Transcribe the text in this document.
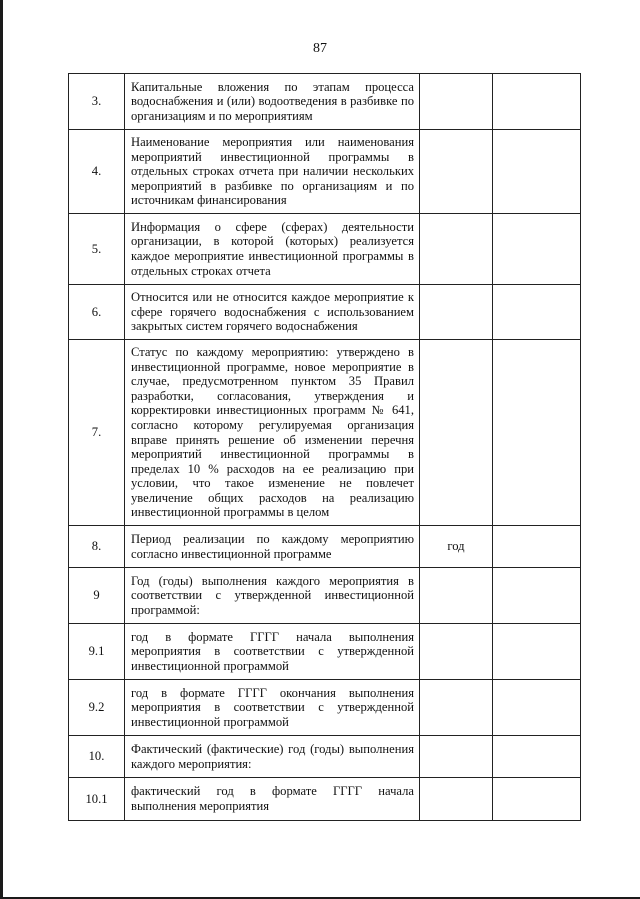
87
3.	Капитальные вложения по этапам процесса водоснабжения и (или) водоотведения в разбивке по организациям и по мероприятиям		
4.	Наименование мероприятия или наименования мероприятий инвестиционной программы в отдельных строках отчета при наличии нескольких мероприятий в разбивке по организациям и по источникам финансирования		
5.	Информация о сфере (сферах) деятельности организации, в которой (которых) реализуется каждое мероприятие инвестиционной программы в отдельных строках отчета		
6.	Относится или не относится каждое мероприятие к сфере горячего водоснабжения с использованием закрытых систем горячего водоснабжения		
7.	Статус по каждому мероприятию: утверждено в инвестиционной программе, новое мероприятие в случае, предусмотренном пунктом 35 Правил разработки, согласования, утверждения и корректировки инвестиционных программ № 641, согласно которому регулируемая организация вправе принять решение об изменении перечня мероприятий инвестиционной программы в пределах 10 % расходов на ее реализацию при условии, что такое изменение не повлечет увеличение общих расходов на реализацию инвестиционной программы в целом		
8.	Период реализации по каждому мероприятию согласно инвестиционной программе	год	
9	Год (годы) выполнения каждого мероприятия в соответствии с утвержденной инвестиционной программой:		
9.1	год в формате ГГГГ начала выполнения мероприятия в соответствии с утвержденной инвестиционной программой		
9.2	год в формате ГГГГ окончания выполнения мероприятия в соответствии с утвержденной инвестиционной программой		
10.	Фактический (фактические) год (годы) выполнения каждого мероприятия:		
10.1	фактический год в формате ГГГГ начала выполнения мероприятия		
